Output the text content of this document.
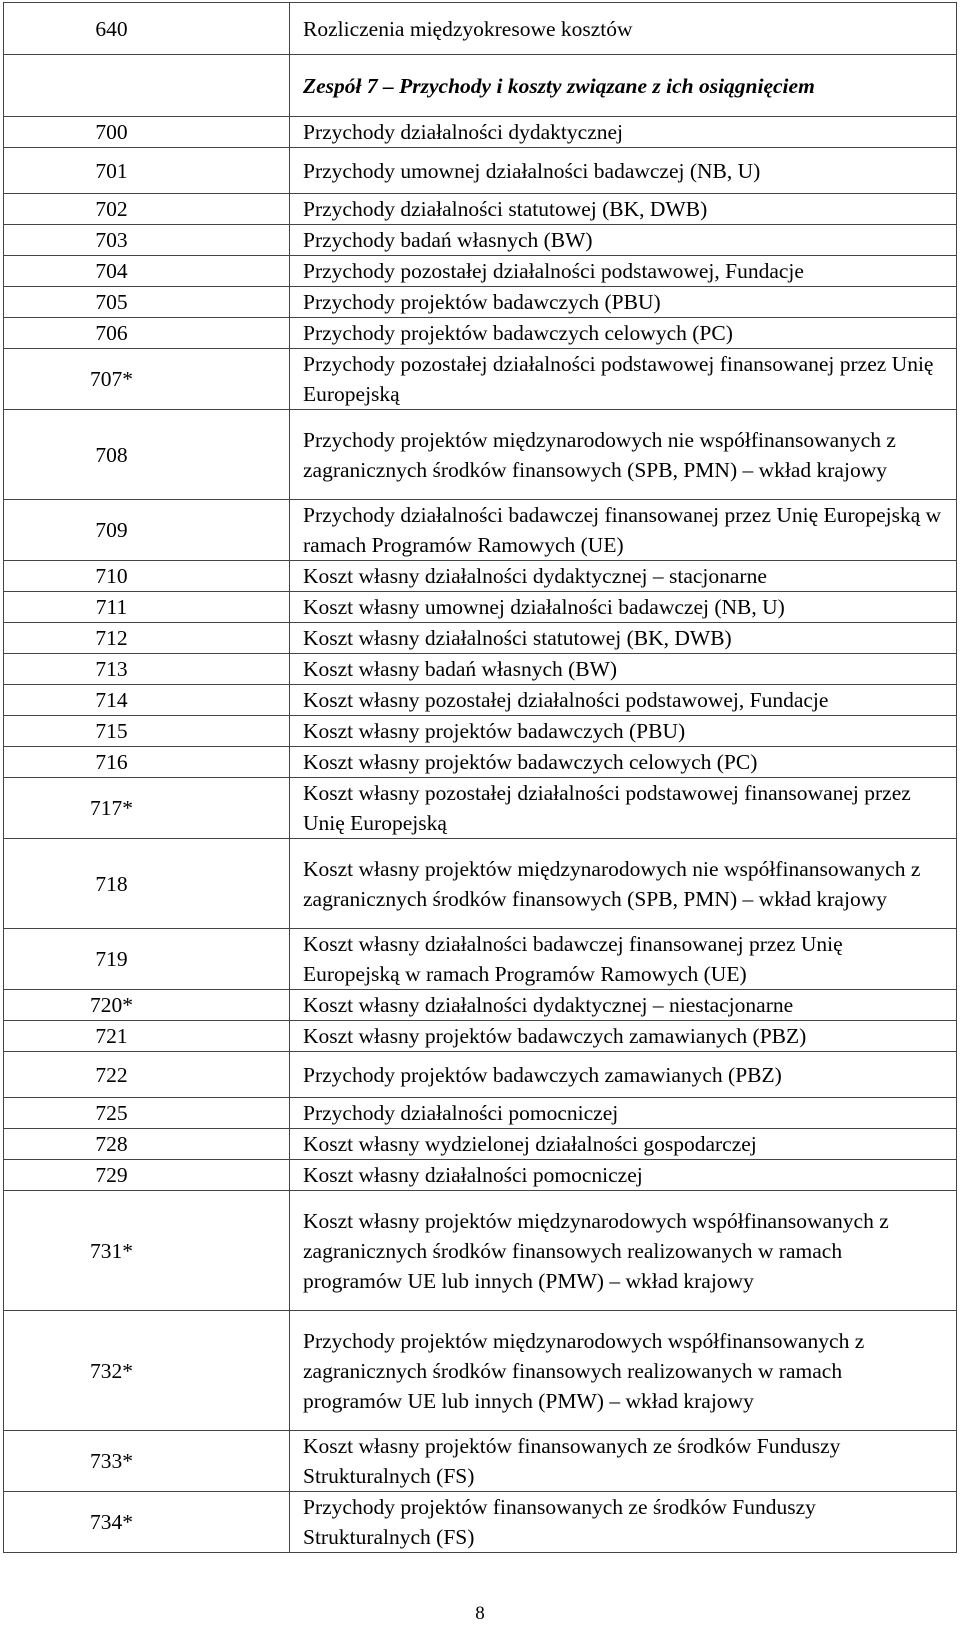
640	Rozliczenia międzyokresowe kosztów
	Zespół 7 – Przychody i koszty związane z ich osiągnięciem
700	Przychody działalności dydaktycznej
701	Przychody umownej działalności badawczej (NB, U)
702	Przychody działalności statutowej (BK, DWB)
703	Przychody badań własnych (BW)
704	Przychody pozostałej działalności podstawowej, Fundacje
705	Przychody projektów badawczych (PBU)
706	Przychody projektów badawczych celowych (PC)
707*	Przychody pozostałej działalności podstawowej finansowanej przez Unię Europejską
708	Przychody projektów międzynarodowych nie współfinansowanych z zagranicznych środków finansowych (SPB, PMN) – wkład krajowy
709	Przychody działalności badawczej finansowanej przez Unię Europejską w ramach Programów Ramowych (UE)
710	Koszt własny działalności dydaktycznej – stacjonarne
711	Koszt własny umownej działalności badawczej (NB, U)
712	Koszt własny działalności statutowej (BK, DWB)
713	Koszt własny badań własnych (BW)
714	Koszt własny pozostałej działalności podstawowej, Fundacje
715	Koszt własny projektów badawczych (PBU)
716	Koszt własny projektów badawczych celowych (PC)
717*	Koszt własny pozostałej działalności podstawowej finansowanej przez Unię Europejską
718	Koszt własny projektów międzynarodowych nie współfinansowanych z zagranicznych środków finansowych (SPB, PMN) – wkład krajowy
719	Koszt własny działalności badawczej finansowanej przez Unię Europejską w ramach Programów Ramowych (UE)
720*	Koszt własny działalności dydaktycznej – niestacjonarne
721	Koszt własny projektów badawczych zamawianych (PBZ)
722	Przychody projektów badawczych zamawianych (PBZ)
725	Przychody działalności pomocniczej
728	Koszt własny wydzielonej działalności gospodarczej
729	Koszt własny działalności pomocniczej
731*	Koszt własny projektów międzynarodowych współfinansowanych z zagranicznych środków finansowych realizowanych w ramach programów UE lub innych (PMW) – wkład krajowy
732*	Przychody projektów międzynarodowych współfinansowanych z zagranicznych środków finansowych realizowanych w ramach programów UE lub innych (PMW) – wkład krajowy
733*	Koszt własny projektów finansowanych ze środków Funduszy Strukturalnych (FS)
734*	Przychody projektów finansowanych ze środków Funduszy Strukturalnych (FS)
8
